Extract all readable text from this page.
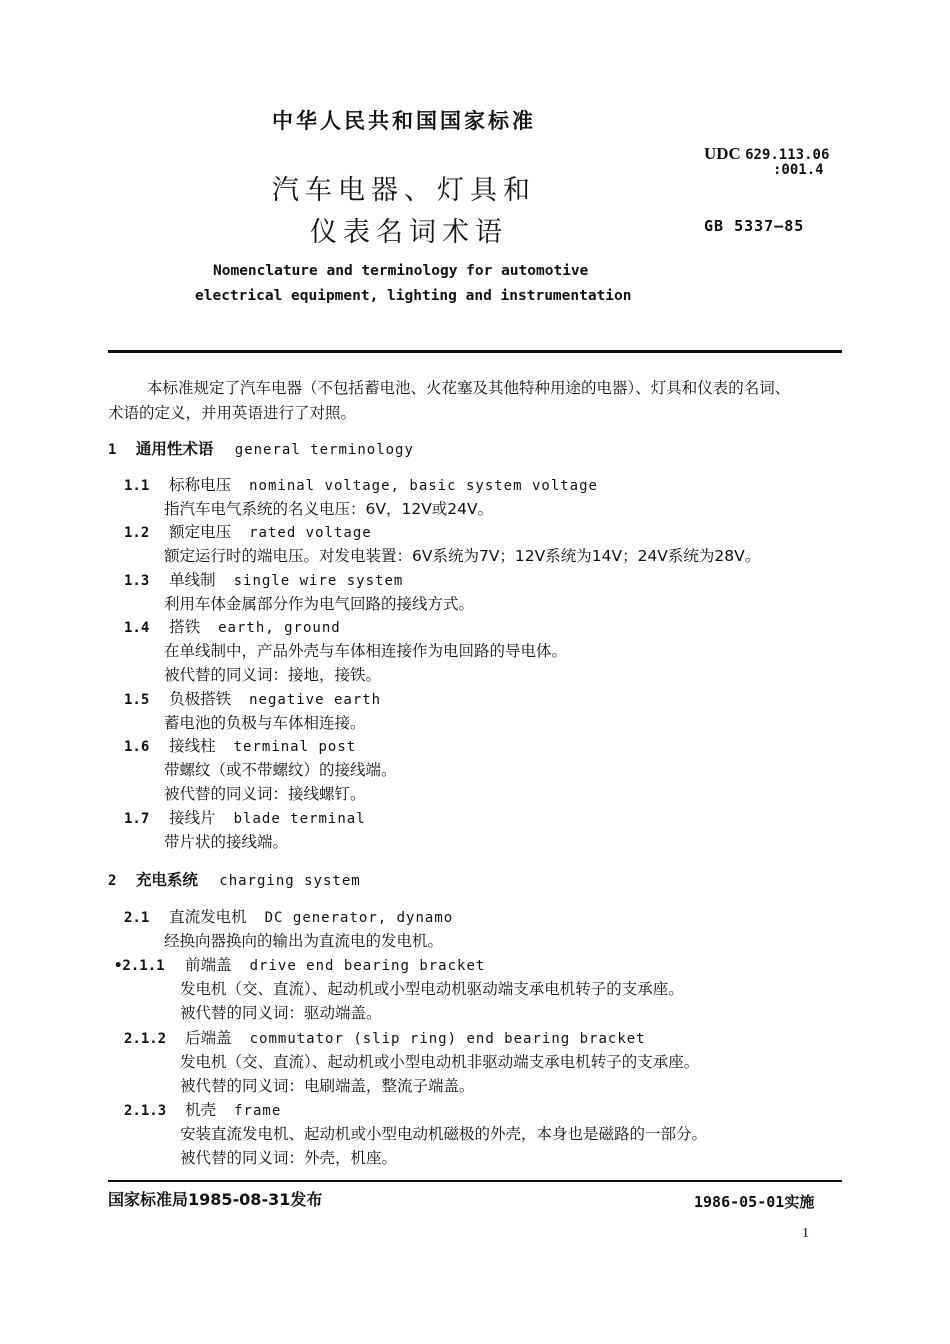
中华人民共和国国家标准
汽车电器、灯具和
仪表名词术语
UDC 629.113.06
:001.4
GB 5337—85
Nomenclature and terminology for automotive
electrical equipment, lighting and instrumentation
本标准规定了汽车电器（不包括蓄电池、火花塞及其他特种用途的电器）、灯具和仪表的名词、
术语的定义，并用英语进行了对照。
1 通用性术语 general terminology
1.1 标称电压 nominal voltage, basic system voltage
指汽车电气系统的名义电压：6V，12V或24V。
1.2 额定电压 rated voltage
额定运行时的端电压。对发电装置：6V系统为7V；12V系统为14V；24V系统为28V。
1.3 单线制 single wire system
利用车体金属部分作为电气回路的接线方式。
1.4 搭铁 earth, ground
在单线制中，产品外壳与车体相连接作为电回路的导电体。
被代替的同义词：接地，接铁。
1.5 负极搭铁 negative earth
蓄电池的负极与车体相连接。
1.6 接线柱 terminal post
带螺纹（或不带螺纹）的接线端。
被代替的同义词：接线螺钉。
1.7 接线片 blade terminal
带片状的接线端。
2 充电系统 charging system
2.1 直流发电机 DC generator, dynamo
经换向器换向的输出为直流电的发电机。
•2.1.1 前端盖 drive end bearing bracket
发电机（交、直流）、起动机或小型电动机驱动端支承电机转子的支承座。
被代替的同义词：驱动端盖。
2.1.2 后端盖 commutator (slip ring) end bearing bracket
发电机（交、直流）、起动机或小型电动机非驱动端支承电机转子的支承座。
被代替的同义词：电刷端盖，整流子端盖。
2.1.3 机壳 frame
安装直流发电机、起动机或小型电动机磁极的外壳，本身也是磁路的一部分。
被代替的同义词：外壳，机座。
国家标准局1985-08-31发布	1986-05-01实施
1
